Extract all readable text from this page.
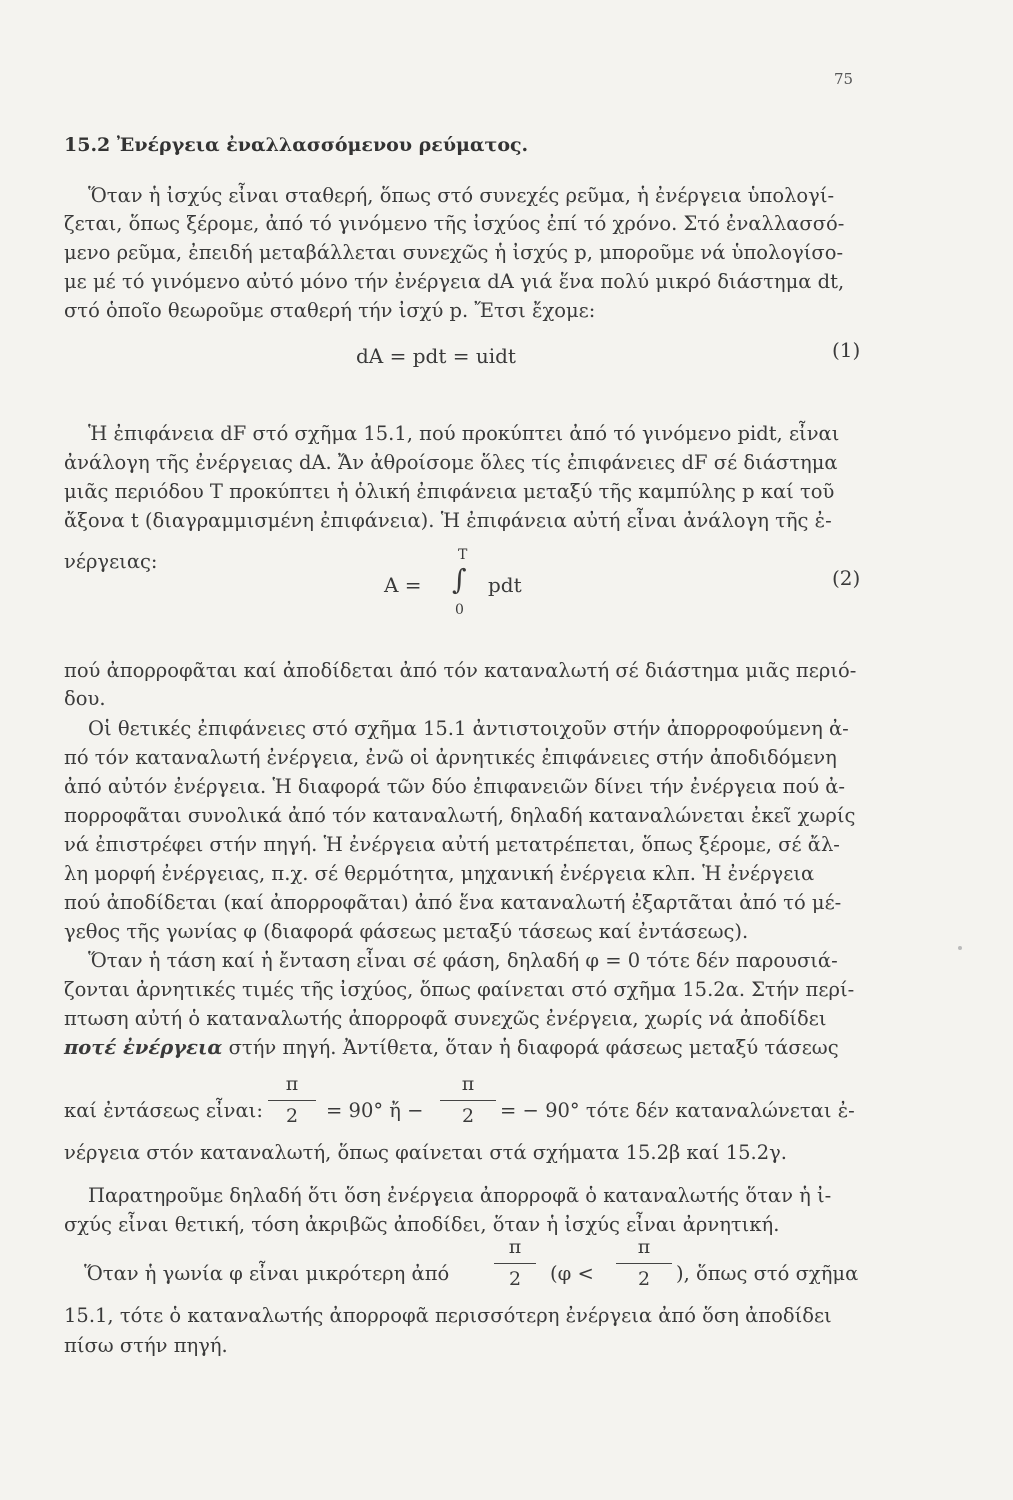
75
15.2 Ἐνέργεια ἐναλλασσόμενου ρεύματος.
Ὅταν ἡ ἰσχύς εἶναι σταθερή, ὅπως στό συνεχές ρεῦμα, ἡ ἐνέργεια ὑπολογί-
ζεται, ὅπως ξέρομε, ἀπό τό γινόμενο τῆς ἰσχύος ἐπί τό χρόνο. Στό ἐναλλασσό-
μενο ρεῦμα, ἐπειδή μεταβάλλεται συνεχῶς ἡ ἰσχύς p, μποροῦμε νά ὑπολογίσο-
με μέ τό γινόμενο αὐτό μόνο τήν ἐνέργεια dA γιά ἕνα πολύ μικρό διάστημα dt,
στό ὁποῖο θεωροῦμε σταθερή τήν ἰσχύ p. Ἔτσι ἔχομε:
dA = pdt = uidt	(1)
Ἡ ἐπιφάνεια dF στό σχῆμα 15.1, πού προκύπτει ἀπό τό γινόμενο pidt, εἶναι
ἀνάλογη τῆς ἐνέργειας dA. Ἄν ἀθροίσομε ὅλες τίς ἐπιφάνειες dF σέ διάστημα
μιᾶς περιόδου T προκύπτει ἡ ὁλική ἐπιφάνεια μεταξύ τῆς καμπύλης p καί τοῦ
ἄξονα t (διαγραμμισμένη ἐπιφάνεια). Ἡ ἐπιφάνεια αὐτή εἶναι ἀνάλογη τῆς ἐ-
νέργειας:
A =
T
∫
0
pdt	(2)
πού ἀπορροφᾶται καί ἀποδίδεται ἀπό τόν καταναλωτή σέ διάστημα μιᾶς περιό-
δου.
Οἱ θετικές ἐπιφάνειες στό σχῆμα 15.1 ἀντιστοιχοῦν στήν ἀπορροφούμενη ἀ-
πό τόν καταναλωτή ἐνέργεια, ἐνῶ οἱ ἀρνητικές ἐπιφάνειες στήν ἀποδιδόμενη
ἀπό αὐτόν ἐνέργεια. Ἡ διαφορά τῶν δύο ἐπιφανειῶν δίνει τήν ἐνέργεια πού ἀ-
πορροφᾶται συνολικά ἀπό τόν καταναλωτή, δηλαδή καταναλώνεται ἐκεῖ χωρίς
νά ἐπιστρέφει στήν πηγή. Ἡ ἐνέργεια αὐτή μετατρέπεται, ὅπως ξέρομε, σέ ἄλ-
λη μορφή ἐνέργειας, π.χ. σέ θερμότητα, μηχανική ἐνέργεια κλπ. Ἡ ἐνέργεια
πού ἀποδίδεται (καί ἀπορροφᾶται) ἀπό ἕνα καταναλωτή ἐξαρτᾶται ἀπό τό μέ-
γεθος τῆς γωνίας φ (διαφορά φάσεως μεταξύ τάσεως καί ἐντάσεως).
Ὅταν ἡ τάση καί ἡ ἔνταση εἶναι σέ φάση, δηλαδή φ = 0 τότε δέν παρουσιά-
ζονται ἀρνητικές τιμές τῆς ἰσχύος, ὅπως φαίνεται στό σχῆμα 15.2α. Στήν περί-
πτωση αὐτή ὁ καταναλωτής ἀπορροφᾶ συνεχῶς ἐνέργεια, χωρίς νά ἀποδίδει
ποτέ ἐνέργεια στήν πηγή. Ἀντίθετα, ὅταν ἡ διαφορά φάσεως μεταξύ τάσεως
καί ἐντάσεως εἶναι:
π
2	= 90° ἤ −
π
2	= − 90° τότε δέν καταναλώνεται ἐ-
νέργεια στόν καταναλωτή, ὅπως φαίνεται στά σχήματα 15.2β καί 15.2γ.
Παρατηροῦμε δηλαδή ὅτι ὅση ἐνέργεια ἀπορροφᾶ ὁ καταναλωτής ὅταν ἡ ἰ-
σχύς εἶναι θετική, τόση ἀκριβῶς ἀποδίδει, ὅταν ἡ ἰσχύς εἶναι ἀρνητική.
Ὅταν ἡ γωνία φ εἶναι μικρότερη ἀπό
π
2	(φ <
π
2	), ὅπως στό σχῆμα
15.1, τότε ὁ καταναλωτής ἀπορροφᾶ περισσότερη ἐνέργεια ἀπό ὅση ἀποδίδει
πίσω στήν πηγή.
